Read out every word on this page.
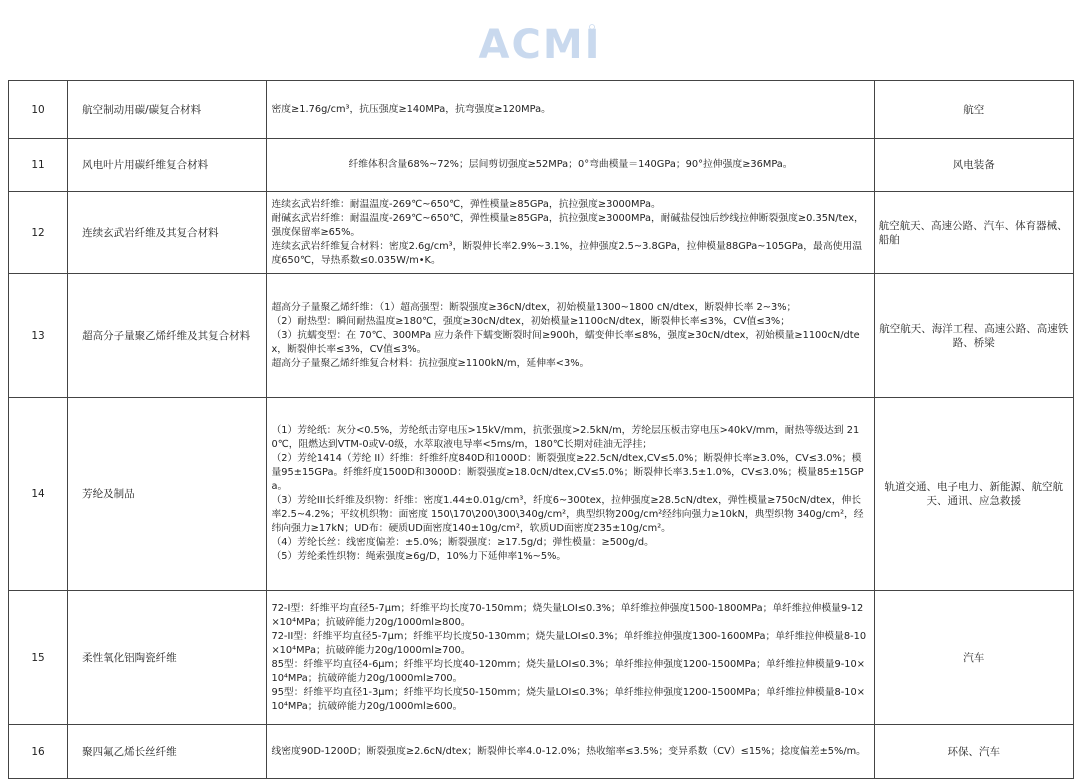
ACMI
10	航空制动用碳/碳复合材料	密度≥1.76g/cm³，抗压强度≥140MPa，抗弯强度≥120MPa。	航空
11	风电叶片用碳纤维复合材料	纤维体积含量68%~72%；层间剪切强度≥52MPa；0°弯曲模量＝140GPa；90°拉伸强度≥36MPa。	风电装备
12	连续玄武岩纤维及其复合材料	连续玄武岩纤维：耐温温度-269℃~650℃，弹性模量≥85GPa，抗拉强度≥3000MPa。
耐碱玄武岩纤维：耐温温度-269℃~650℃，弹性模量≥85GPa，抗拉强度≥3000MPa，耐碱盐侵蚀后纱线拉伸断裂强度≥0.35N/tex，强度保留率≥65%。
连续玄武岩纤维复合材料：密度2.6g/cm³，断裂伸长率2.9%~3.1%，拉伸强度2.5~3.8GPa，拉伸模量88GPa~105GPa，最高使用温度650℃，导热系数≤0.035W/m•K。	航空航天、高速公路、汽车、体育器械、船舶
13	超高分子量聚乙烯纤维及其复合材料	超高分子量聚乙烯纤维：（1）超高强型：断裂强度≥36cN/dtex，初始模量1300~1800 cN/dtex，断裂伸长率 2~3%；
（2）耐热型：瞬间耐热温度≥180℃，强度≥30cN/dtex，初始模量≥1100cN/dtex，断裂伸长率≤3%，CV值≤3%；
（3）抗蠕变型：在 70℃、300MPa 应力条件下蠕变断裂时间≥900h，蠕变伸长率≤8%，强度≥30cN/dtex，初始模量≥1100cN/dtex，断裂伸长率≤3%，CV值≤3%。
超高分子量聚乙烯纤维复合材料：抗拉强度≥1100kN/m，延伸率<3%。	航空航天、海洋工程、高速公路、高速铁路、桥梁
14	芳纶及制品	（1）芳纶纸：灰分<0.5%，芳纶纸击穿电压>15kV/mm，抗张强度>2.5kN/m，芳纶层压板击穿电压>40kV/mm，耐热等级达到 210℃，阻燃达到VTM-0或V-0级，水萃取液电导率<5ms/m，180℃长期对硅油无浮挂；
（2）芳纶1414（芳纶 II）纤维：纤维纤度840D和1000D：断裂强度≥22.5cN/dtex,CV≤5.0%；断裂伸长率≥3.0%，CV≤3.0%；模量95±15GPa。纤维纤度1500D和3000D：断裂强度≥18.0cN/dtex,CV≤5.0%；断裂伸长率3.5±1.0%，CV≤3.0%；模量85±15GPa。
（3）芳纶III长纤维及织物：纤维：密度1.44±0.01g/cm³，纤度6~300tex，拉伸强度≥28.5cN/dtex，弹性模量≥750cN/dtex，伸长率2.5~4.2%；平纹机织物：面密度 150\170\200\300\340g/cm²，典型织物200g/cm²经纬向强力≥10kN，典型织物 340g/cm²，经纬向强力≥17kN；UD布：硬质UD面密度140±10g/cm²，软质UD面密度235±10g/cm²。
（4）芳纶长丝：线密度偏差：±5.0%；断裂强度：≥17.5g/d；弹性模量：≥500g/d。
（5）芳纶柔性织物：绳索强度≥6g/D，10%力下延伸率1%~5%。	轨道交通、电子电力、新能源、航空航天、通讯、应急救援
15	柔性氧化铝陶瓷纤维	72-I型：纤维平均直径5-7μm；纤维平均长度70-150mm；烧失量LOI≤0.3%；单纤维拉伸强度1500-1800MPa；单纤维拉伸模量9-12×10⁴MPa；抗破碎能力20g/1000ml≥800。
72-II型：纤维平均直径5-7μm；纤维平均长度50-130mm；烧失量LOI≤0.3%；单纤维拉伸强度1300-1600MPa；单纤维拉伸模量8-10×10⁴MPa；抗破碎能力20g/1000ml≥700。
85型：纤维平均直径4-6μm；纤维平均长度40-120mm；烧失量LOI≤0.3%；单纤维拉伸强度1200-1500MPa；单纤维拉伸模量9-10×10⁴MPa；抗破碎能力20g/1000ml≥700。
95型：纤维平均直径1-3μm；纤维平均长度50-150mm；烧失量LOI≤0.3%；单纤维拉伸强度1200-1500MPa；单纤维拉伸模量8-10×10⁴MPa；抗破碎能力20g/1000ml≥600。	汽车
16	聚四氟乙烯长丝纤维	线密度90D-1200D；断裂强度≥2.6cN/dtex；断裂伸长率4.0-12.0%；热收缩率≤3.5%；变异系数（CV）≤15%；捻度偏差±5%/m。	环保、汽车
